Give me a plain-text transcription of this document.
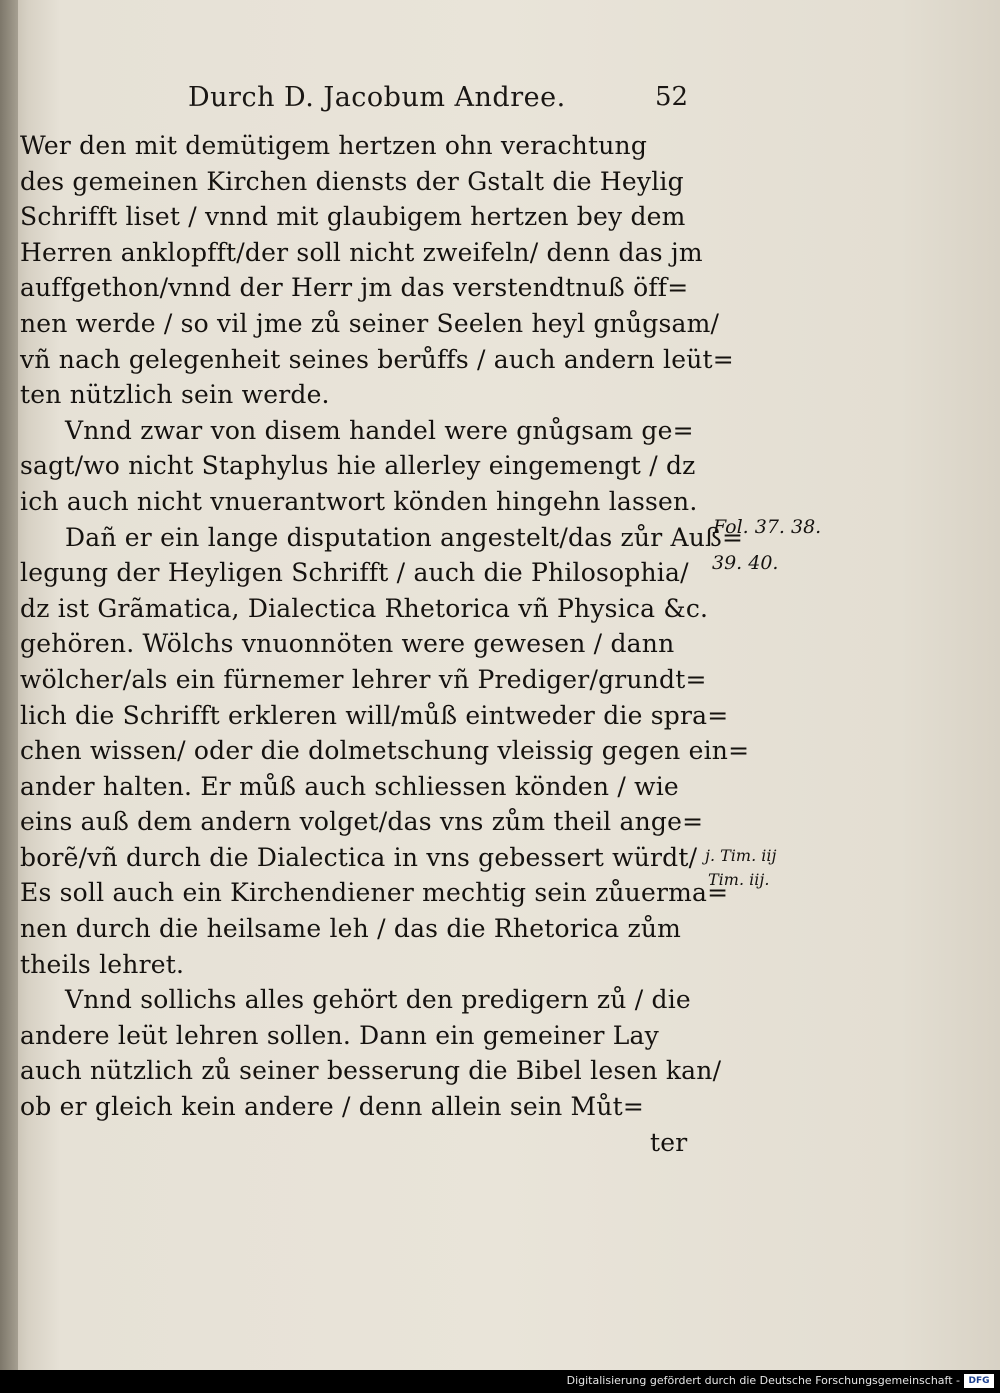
Durch D. Jacobum Andree.	52
Wer den mit demütigem hertzen ohn verachtung
des gemeinen Kirchen diensts der Gstalt die Heylig
Schrifft liset / vnnd mit glaubigem hertzen bey dem
Herren anklopfft/der soll nicht zweifeln/ denn das jm
auffgethon/vnnd der Herr jm das verstendtnuß öff=
nen werde / so vil jme zů seiner Seelen heyl gnůgsam/
vñ nach gelegenheit seines berůffs / auch andern leüt=
ten nützlich sein werde.
Vnnd zwar von disem handel were gnůgsam ge=
sagt/wo nicht Staphylus hie allerley eingemengt / dz
ich auch nicht vnuerantwort könden hingehn lassen.
Dañ er ein lange disputation angestelt/das zůr Auß=
legung der Heyligen Schrifft / auch die Philosophia/
dz ist Grãmatica, Dialectica Rhetorica vñ Physica &c.
gehören. Wölchs vnuonnöten were gewesen / dann
wölcher/als ein fürnemer lehrer vñ Prediger/grundt=
lich die Schrifft erkleren will/můß eintweder die spra=
chen wissen/ oder die dolmetschung vleissig gegen ein=
ander halten. Er můß auch schliessen könden / wie
eins auß dem andern volget/das vns zům theil ange=
borẽ/vñ durch die Dialectica in vns gebessert würdt/
Es soll auch ein Kirchendiener mechtig sein zůuerma=
nen durch die heilsame leh / das die Rhetorica zům
theils lehret.
Vnnd sollichs alles gehört den predigern zů / die
andere leüt lehren sollen. Dann ein gemeiner Lay
auch nützlich zů seiner besserung die Bibel lesen kan/
ob er gleich kein andere / denn allein sein Můt=
ter
Fol. 37. 38.
39. 40.
j. Tim. iij
Tim. iij.
Digitalisierung gefördert durch die Deutsche Forschungsgemeinschaft - DFG
